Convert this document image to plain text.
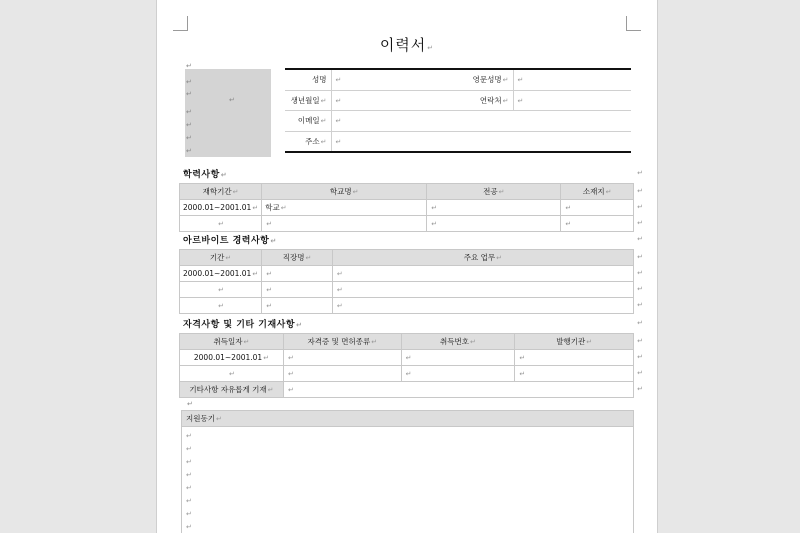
이력서↵
↵
↵
↵
↵
↵
↵
↵
↵
성명	↵	영문성명↵	↵
생년월일↵	↵	연락처↵	↵
이메일↵	↵		
주소↵	↵		
학력사항↵	↵
재학기간↵	학교명↵	전공↵	소재지↵
2000.01~2001.01↵	학교↵	↵	↵
↵	↵	↵	↵
↵
↵
↵
아르바이트 경력사항↵	↵
기간↵	직장명↵	주요 업무↵
2000.01~2001.01↵	↵	↵
↵	↵	↵
↵	↵	↵
↵
↵
↵
↵
자격사항 및 기타 기재사항↵	↵
취득일자↵	자격증 및 면허종류↵	취득번호↵	발행기관↵
2000.01~2001.01↵	↵	↵	↵
↵	↵	↵	↵
기타사항 자유롭게 기재↵	↵		
↵
↵
↵
↵
↵
지원동기↵
↵
↵
↵
↵
↵
↵
↵
↵
